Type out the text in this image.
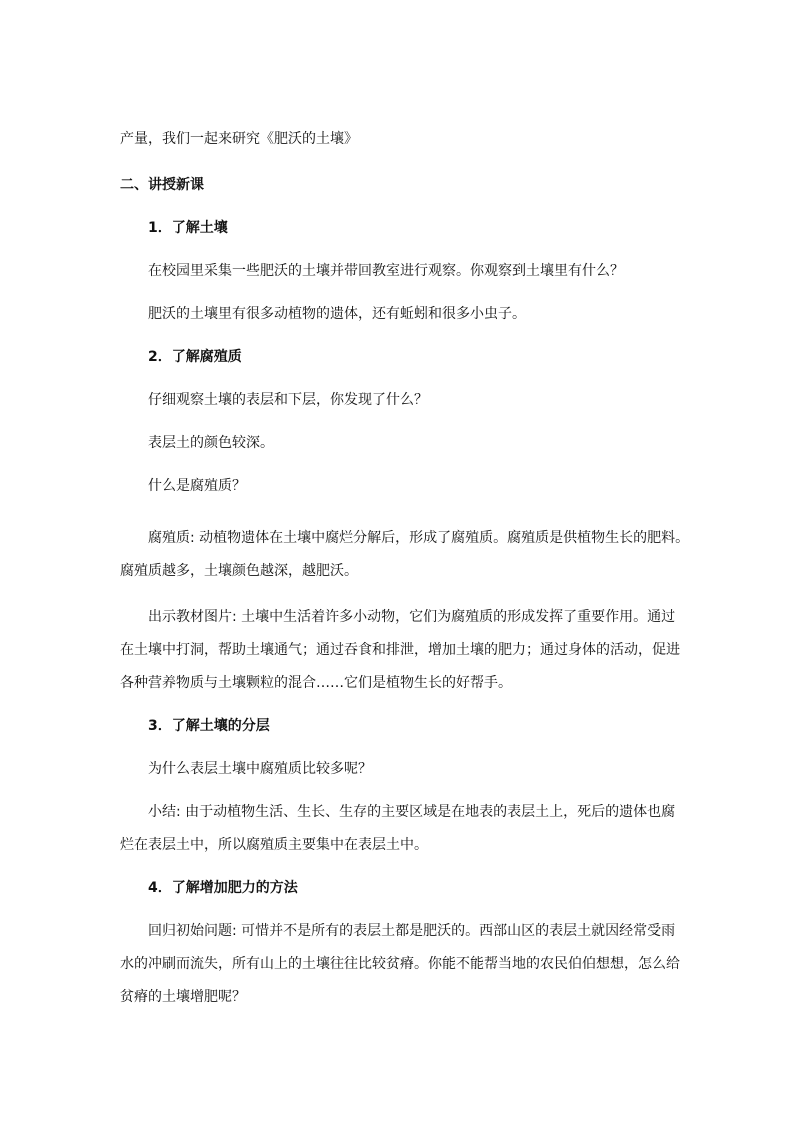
产量，我们一起来研究《肥沃的土壤》
二、讲授新课
1．了解土壤
在校园里采集一些肥沃的土壤并带回教室进行观察。你观察到土壤里有什么？
肥沃的土壤里有很多动植物的遗体，还有蚯蚓和很多小虫子。
2．了解腐殖质
仔细观察土壤的表层和下层，你发现了什么？
表层土的颜色较深。
什么是腐殖质？
腐殖质: 动植物遗体在土壤中腐烂分解后，形成了腐殖质。腐殖质是供植物生长的肥料。
腐殖质越多，土壤颜色越深，越肥沃。
出示教材图片: 土壤中生活着许多小动物，它们为腐殖质的形成发挥了重要作用。通过
在土壤中打洞，帮助土壤通气；通过吞食和排泄，增加土壤的肥力；通过身体的活动，促进
各种营养物质与土壤颗粒的混合……它们是植物生长的好帮手。
3．了解土壤的分层
为什么表层土壤中腐殖质比较多呢？
小结: 由于动植物生活、生长、生存的主要区域是在地表的表层土上，死后的遗体也腐
烂在表层土中，所以腐殖质主要集中在表层土中。
4．了解增加肥力的方法
回归初始问题: 可惜并不是所有的表层土都是肥沃的。西部山区的表层土就因经常受雨
水的冲刷而流失，所有山上的土壤往往比较贫瘠。你能不能帮当地的农民伯伯想想，怎么给
贫瘠的土壤增肥呢？
